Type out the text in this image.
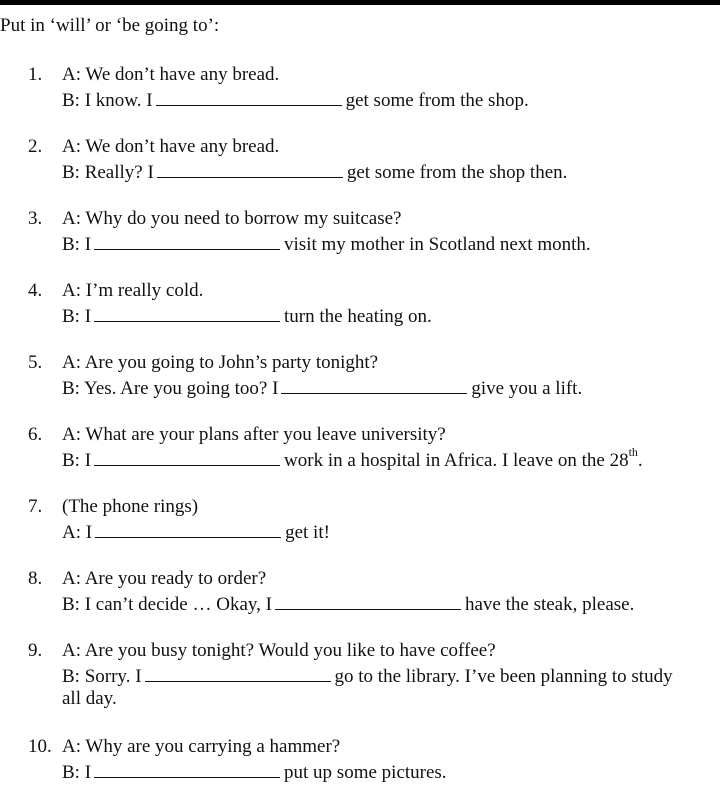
Put in ‘will’ or ‘be going to’:
1. A: We don’t have any bread.
B: I know. I	get some from the shop.
2. A: We don’t have any bread.
B: Really? I	get some from the shop then.
3. A: Why do you need to borrow my suitcase?
B: I	visit my mother in Scotland next month.
4. A: I’m really cold.
B: I	turn the heating on.
5. A: Are you going to John’s party tonight?
B: Yes. Are you going too? I	give you a lift.
6. A: What are your plans after you leave university?
B: I	work in a hospital in Africa. I leave on the 28th.
7. (The phone rings)
A: I	get it!
8. A: Are you ready to order?
B: I can’t decide … Okay, I	have the steak, please.
9. A: Are you busy tonight? Would you like to have coffee?
B: Sorry. I	go to the library. I’ve been planning to study
all day.
10. A: Why are you carrying a hammer?
B: I	put up some pictures.
